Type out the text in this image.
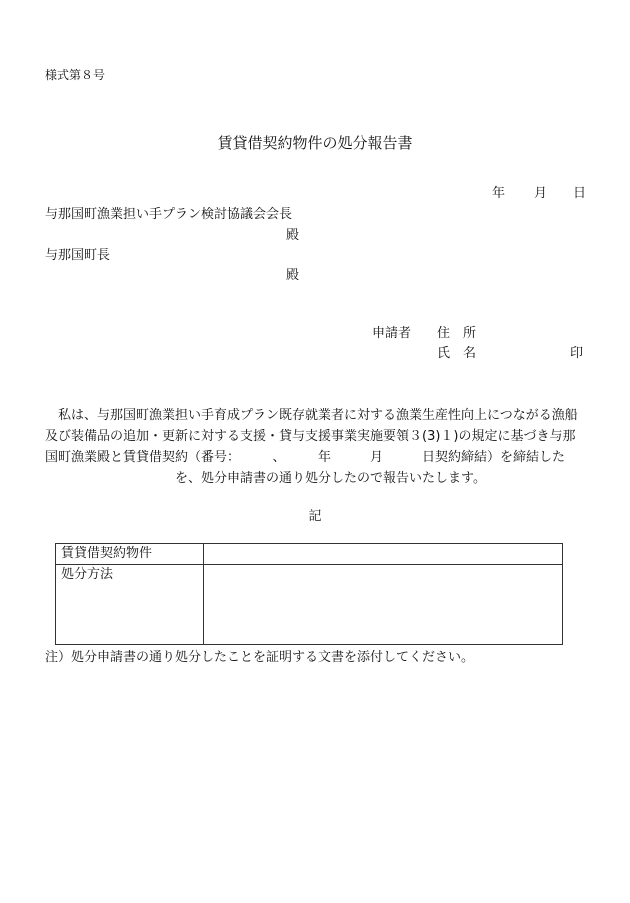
様式第８号
賃貸借契約物件の処分報告書
年 月 日
与那国町漁業担い手プラン検討協議会会長
殿
与那国町長
殿
申請者 住　所
氏　名	印

　私は、与那国町漁業担い手育成プラン既存就業者に対する漁業生産性向上につながる漁船

及び装備品の追加・更新に対する支援・貸与支援事業実施要領３(3)１)の規定に基づき与那

国町漁業殿と賃貸借契約（番号：　　　、　　　年　　　月　　　日契約締結）を締結した

　　　　　　　　　　を、処分申請書の通り処分したので報告いたします。

記
賃貸借契約物件	
処分方法	
注）処分申請書の通り処分したことを証明する文書を添付してください。
